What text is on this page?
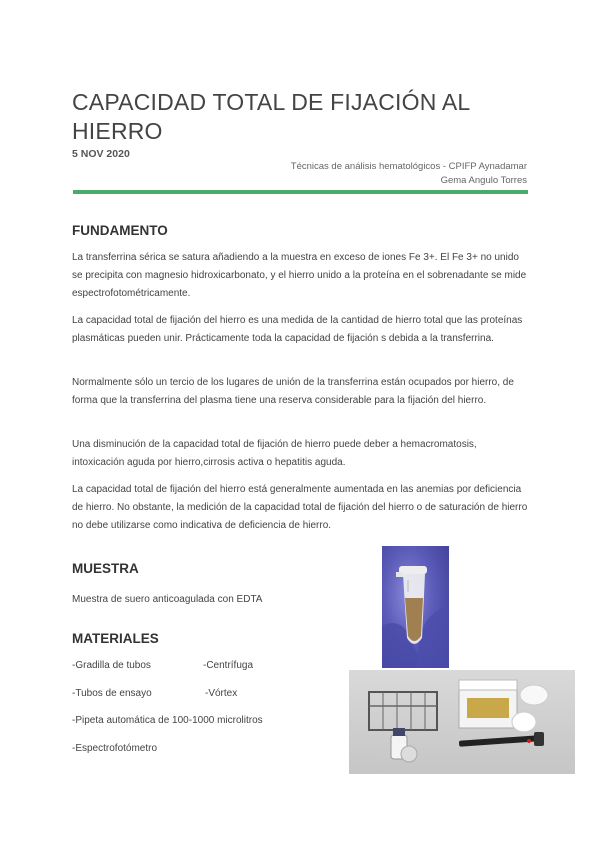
CAPACIDAD TOTAL DE FIJACIÓN AL HIERRO
5 NOV 2020
Técnicas de análisis hematológicos - CPIFP Aynadamar
Gema Angulo Torres
FUNDAMENTO

La transferrina sérica se satura añadiendo a la muestra en exceso de iones Fe 3+. El Fe 3+ no unido se precipita con magnesio hidroxicarbonato, y el hierro unido a la proteína en el sobrenadante se mide espectrofotométricamente.

La capacidad total de fijación del hierro es una medida de la cantidad de hierro total que las proteínas plasmáticas pueden unir. Prácticamente toda la capacidad de fijación s debida a la transferrina.

Normalmente sólo un tercio de los lugares de unión de la transferrina están ocupados por hierro, de forma que la transferrina del plasma tiene una reserva considerable para la fijación del hierro.

Una disminución de la capacidad total de fijación de hierro puede deber a hemacromatosis, intoxicación aguda por hierro,cirrosis activa o hepatitis aguda.

La capacidad total de fijación del hierro está generalmente aumentada en las anemias por deficiencia de hierro. No obstante, la medición de la capacidad total de fijación del hierro o de saturación de hierro no debe utilizarse como indicativa de deficiencia de hierro.

MUESTRA
Muestra de suero anticoagulada con EDTA
MATERIALES
-Gradilla de tubos	-Centrífuga
-Tubos de ensayo	-Vórtex
-Pipeta automática de 100-1000 microlitros
-Espectrofotómetro
